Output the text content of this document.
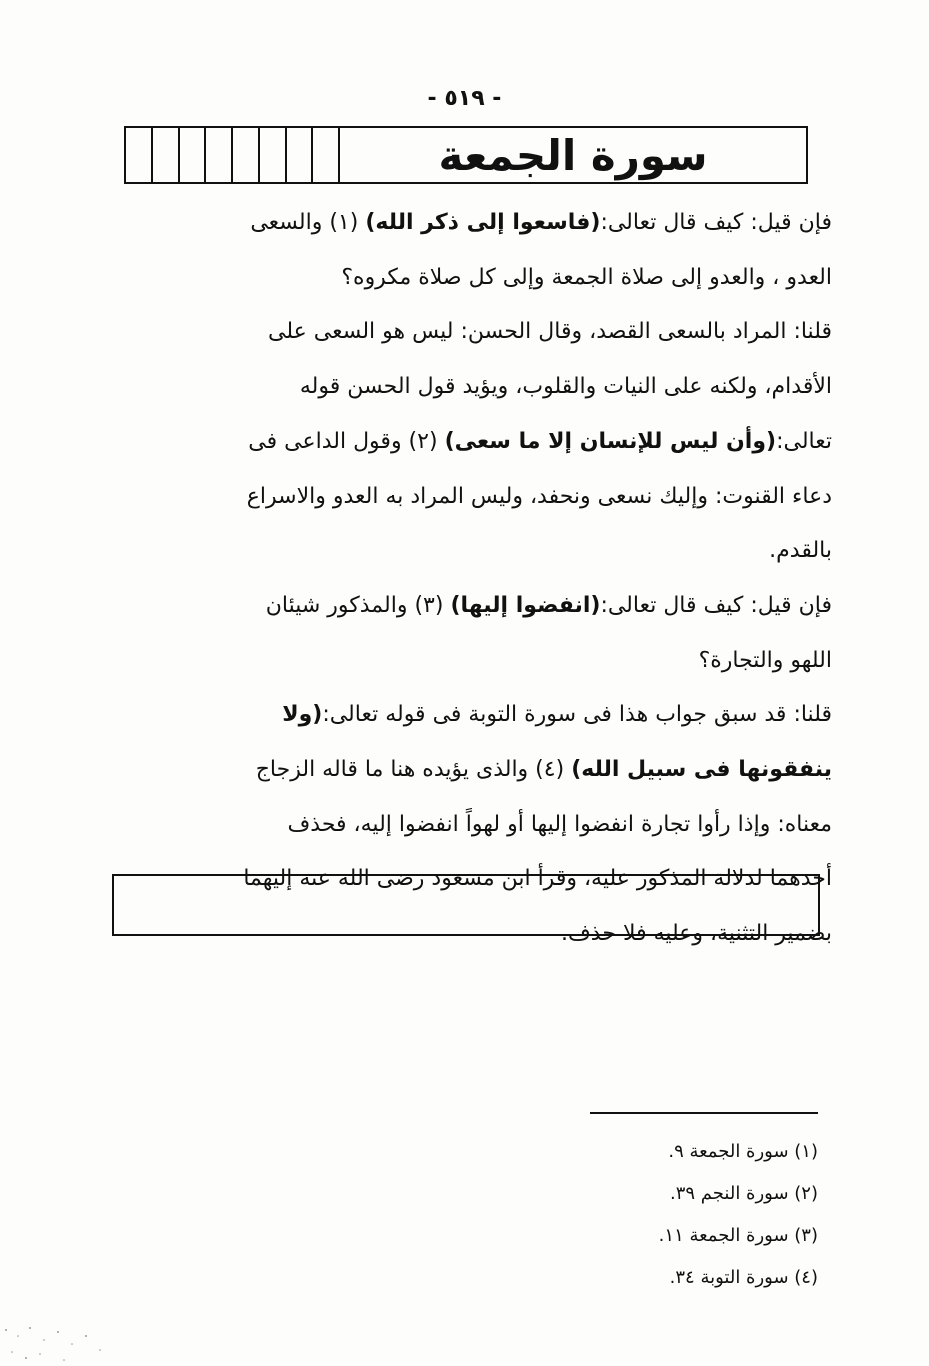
- ٥١٩ -
سورة الجمعة
فإن قيل: كيف قال تعالى:(فاسعوا إلى ذكر الله) (١) والسعى
العدو ، والعدو إلى صلاة الجمعة وإلى كل صلاة مكروه؟
قلنا: المراد بالسعى القصد، وقال الحسن: ليس هو السعى على
الأقدام، ولكنه على النيات والقلوب، ويؤيد قول الحسن قوله
تعالى:(وأن ليس للإنسان إلا ما سعى) (٢) وقول الداعى فى
دعاء القنوت: وإليك نسعى ونحفد، وليس المراد به العدو والاسراع
بالقدم.
فإن قيل: كيف قال تعالى:(انفضوا إليها) (٣) والمذكور شيئان
اللهو والتجارة؟
قلنا: قد سبق جواب هذا فى سورة التوبة فى قوله تعالى:(ولا
ينفقونها فى سبيل الله) (٤) والذى يؤيده هنا ما قاله الزجاج
معناه: وإذا رأوا تجارة انفضوا إليها أو لهواً انفضوا إليه، فحذف
أحدهما لدلالة المذكور عليه، وقرأ ابن مسعود رضى الله عنه إليهما
بضمير التثنية، وعليه فلا حذف.
(١) سورة الجمعة ٩.
(٢) سورة النجم ٣٩.
(٣) سورة الجمعة ١١.
(٤) سورة التوبة ٣٤.
